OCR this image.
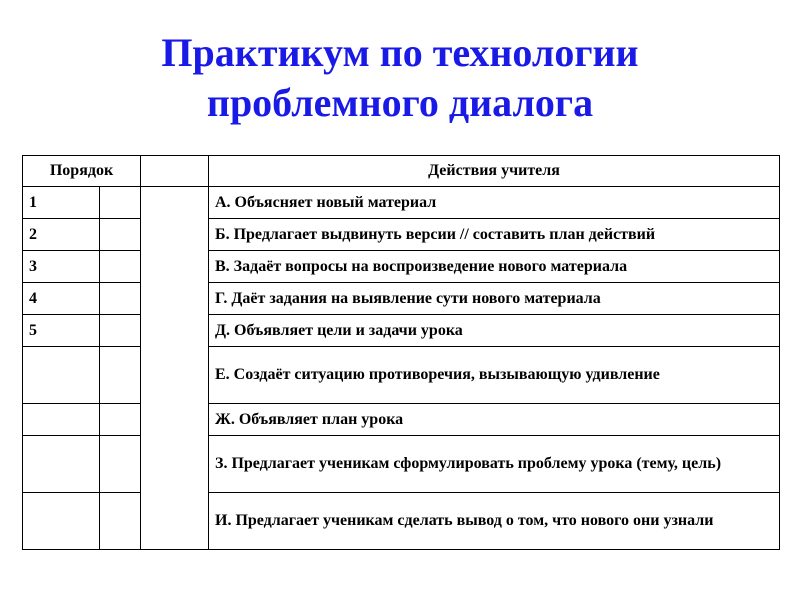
Практикум по технологии
проблемного диалога
Порядок			Действия учителя
1			А. Объясняет новый материал
2			Б. Предлагает выдвинуть версии // составить план действий
3			В. Задаёт вопросы на воспроизведение нового материала
4			Г. Даёт задания на выявление сути нового материала
5			Д. Объявляет цели и задачи урока
			Е. Создаёт ситуацию противоречия, вызывающую удивление
			Ж. Объявляет план урока
			З. Предлагает ученикам сформулировать проблему урока (тему, цель)
			И. Предлагает ученикам сделать вывод о том, что нового они узнали
